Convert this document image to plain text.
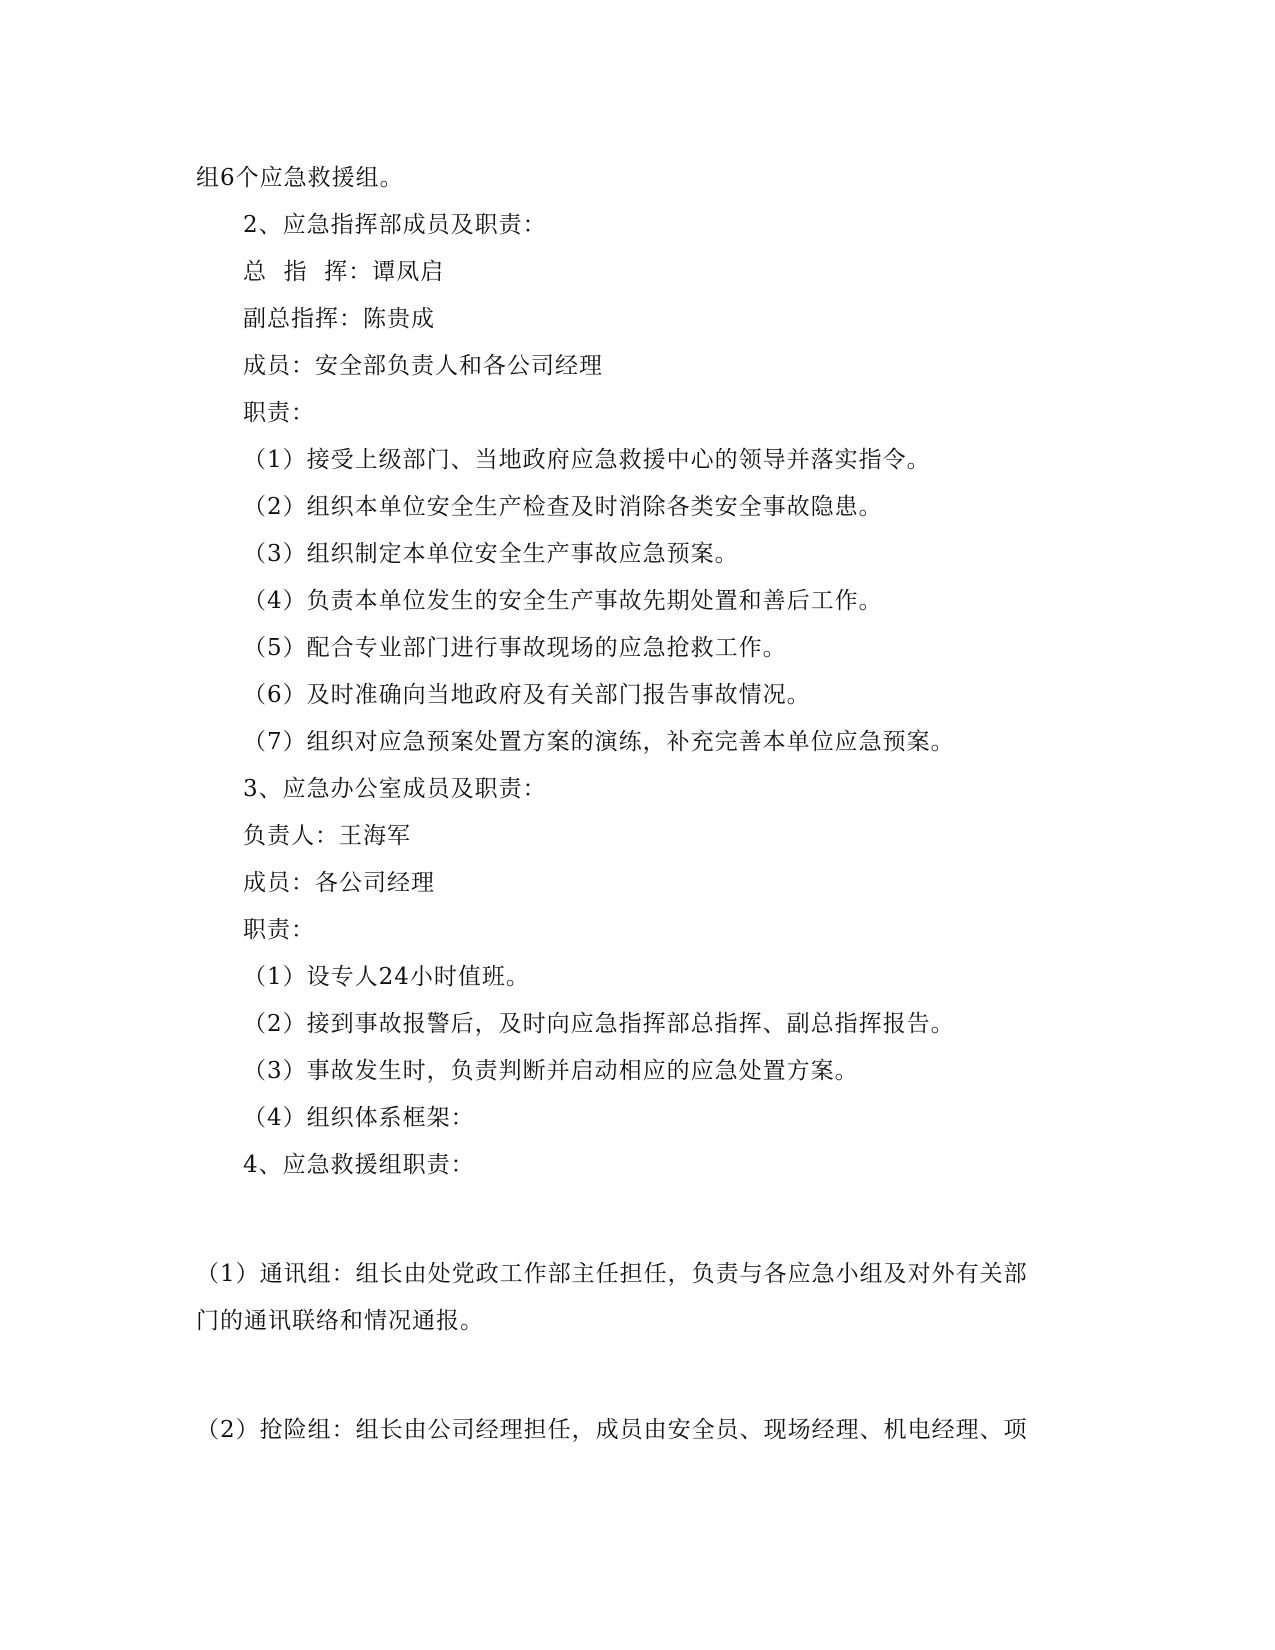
组6个应急救援组。
2、应急指挥部成员及职责：
总  指  挥：谭凤启
副总指挥：陈贵成
成员：安全部负责人和各公司经理
职责：
（1）接受上级部门、当地政府应急救援中心的领导并落实指令。
（2）组织本单位安全生产检查及时消除各类安全事故隐患。
（3）组织制定本单位安全生产事故应急预案。
（4）负责本单位发生的安全生产事故先期处置和善后工作。
（5）配合专业部门进行事故现场的应急抢救工作。
（6）及时准确向当地政府及有关部门报告事故情况。
（7）组织对应急预案处置方案的演练，补充完善本单位应急预案。
3、应急办公室成员及职责：
负责人：王海军
成员：各公司经理
职责：
（1）设专人24小时值班。
（2）接到事故报警后，及时向应急指挥部总指挥、副总指挥报告。
（3）事故发生时，负责判断并启动相应的应急处置方案。
（4）组织体系框架：
4、应急救援组职责：
（1）通讯组：组长由处党政工作部主任担任，负责与各应急小组及对外有关部
门的通讯联络和情况通报。
（2）抢险组：组长由公司经理担任，成员由安全员、现场经理、机电经理、项
